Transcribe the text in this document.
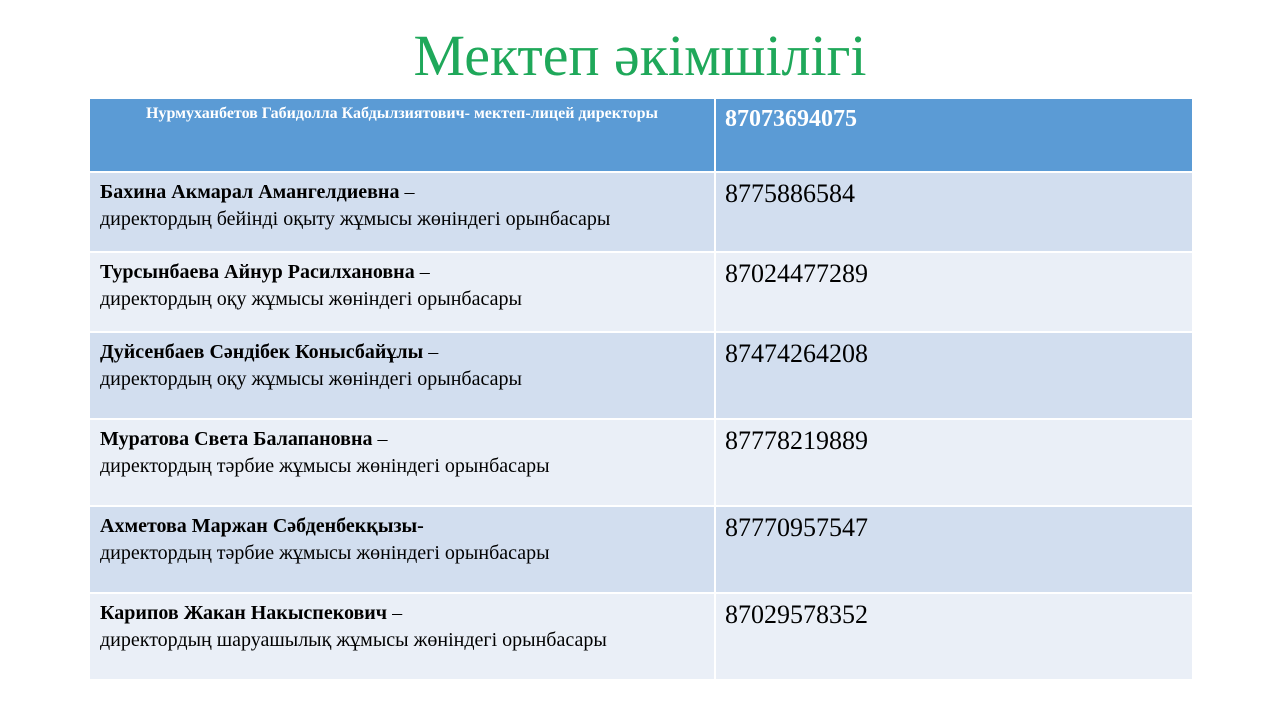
Мектеп әкімшілігі
Нурмуханбетов Габидолла Кабдылзиятович- мектеп-лицей директоры	87073694075

Бахина Акмарал Амангелдиевна –
директордың бейінді оқыту жұмысы жөніндегі орынбасары	8775886584

Турсынбаева Айнур Расилхановна –
директордың оқу жұмысы жөніндегі орынбасары	87024477289

Дуйсенбаев Сәндібек Конысбайұлы –
директордың оқу жұмысы жөніндегі орынбасары	87474264208

Муратова Света Балапановна –
директордың тәрбие жұмысы жөніндегі орынбасары	87778219889

Ахметова Маржан Сәбденбекқызы-
директордың тәрбие жұмысы жөніндегі орынбасары	87770957547

Карипов Жакан Накыспекович –
директордың шаруашылық жұмысы жөніндегі орынбасары	87029578352
